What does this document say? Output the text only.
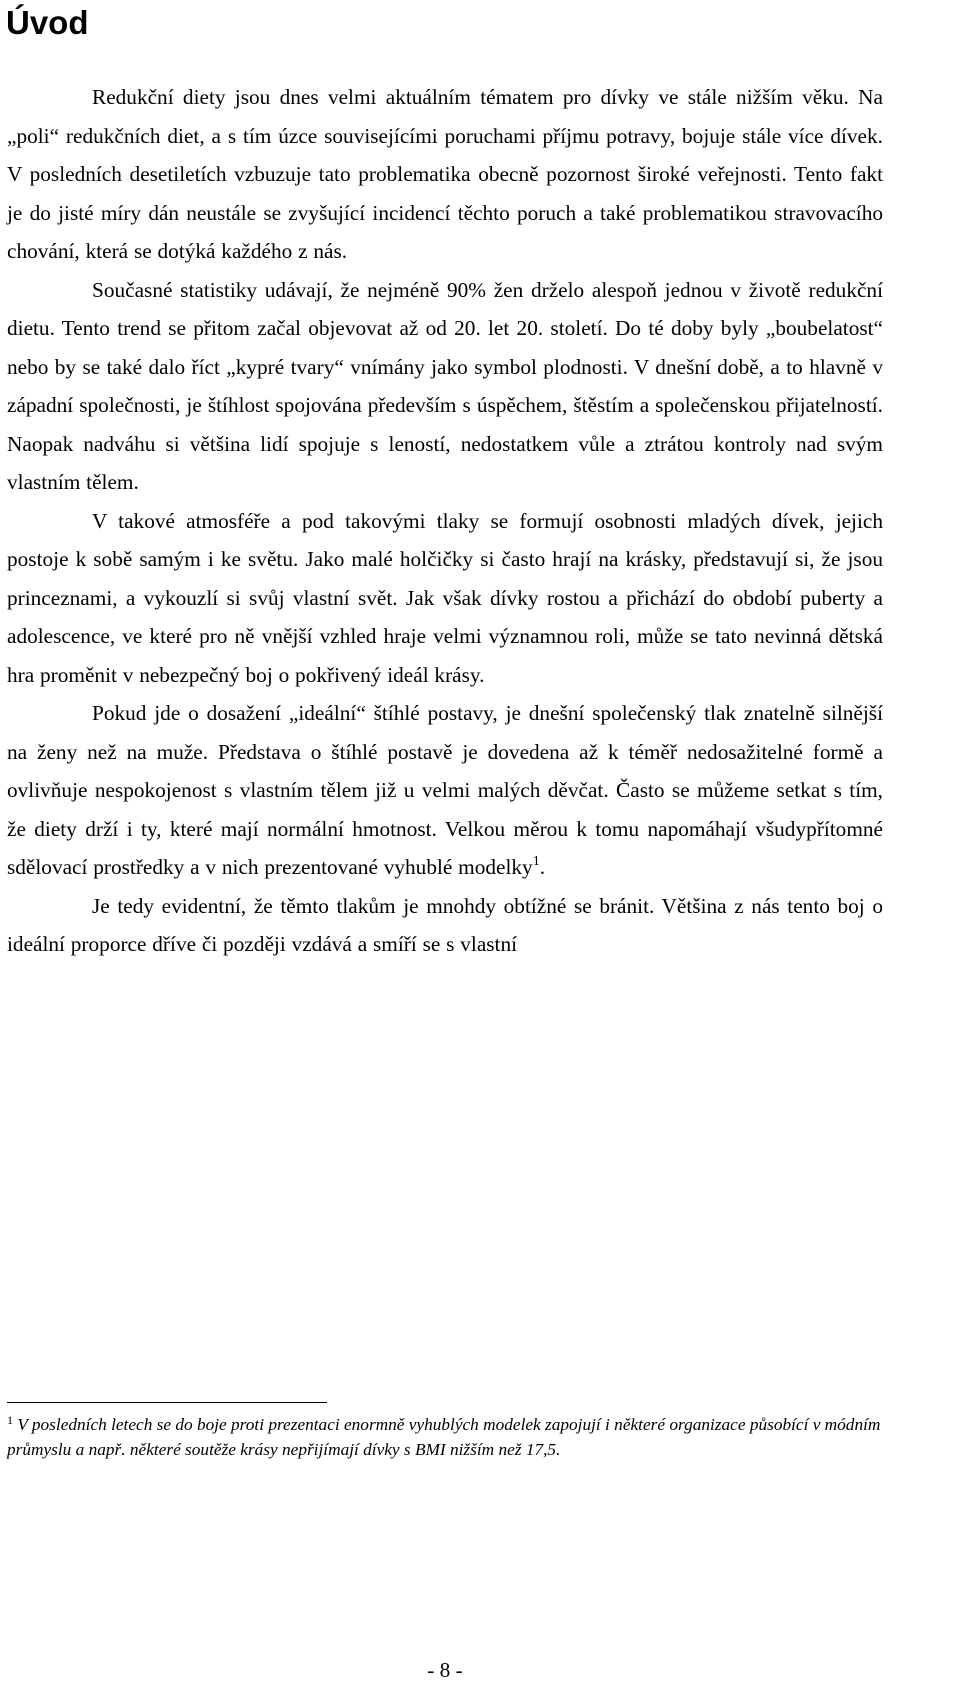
Úvod

Redukční diety jsou dnes velmi aktuálním tématem pro dívky ve stále nižším věku. Na „poli“ redukčních diet, a s tím úzce souvisejícími poruchami příjmu potravy, bojuje stále více dívek. V posledních desetiletích vzbuzuje tato problematika obecně pozornost široké veřejnosti. Tento fakt je do jisté míry dán neustále se zvyšující incidencí těchto poruch a také problematikou stravovacího chování, která se dotýká každého z nás.

Současné statistiky udávají, že nejméně 90% žen drželo alespoň jednou v životě redukční dietu. Tento trend se přitom začal objevovat až od 20. let 20. století. Do té doby byly „boubelatost“ nebo by se také dalo říct „kypré tvary“ vnímány jako symbol plodnosti. V dnešní době, a to hlavně v západní společnosti, je štíhlost spojována především s úspěchem, štěstím a společenskou přijatelností. Naopak nadváhu si většina lidí spojuje s leností, nedostatkem vůle a ztrátou kontroly nad svým vlastním tělem.

V takové atmosféře a pod takovými tlaky se formují osobnosti mladých dívek, jejich postoje k sobě samým i ke světu. Jako malé holčičky si často hrají na krásky, představují si, že jsou princeznami, a vykouzlí si svůj vlastní svět. Jak však dívky rostou a přichází do období puberty a adolescence, ve které pro ně vnější vzhled hraje velmi významnou roli, může se tato nevinná dětská hra proměnit v nebezpečný boj o pokřivený ideál krásy.

Pokud jde o dosažení „ideální“ štíhlé postavy, je dnešní společenský tlak znatelně silnější na ženy než na muže. Představa o štíhlé postavě je dovedena až k téměř nedosažitelné formě a ovlivňuje nespokojenost s vlastním tělem již u velmi malých děvčat. Často se můžeme setkat s tím, že diety drží i ty, které mají normální hmotnost. Velkou měrou k tomu napomáhají všudypřítomné sdělovací prostředky a v nich prezentované vyhublé modelky$^1$.

Je tedy evidentní, že těmto tlakům je mnohdy obtížné se bránit. Většina z nás tento boj o ideální proporce dříve či později vzdává a smíří se s vlastní

$^1$ V posledních letech se do boje proti prezentaci enormně vyhublých modelek zapojují i některé organizace působící v módním průmyslu a např. některé soutěže krásy nepřijímají dívky s BMI nižším než 17,5.

- 8 -
